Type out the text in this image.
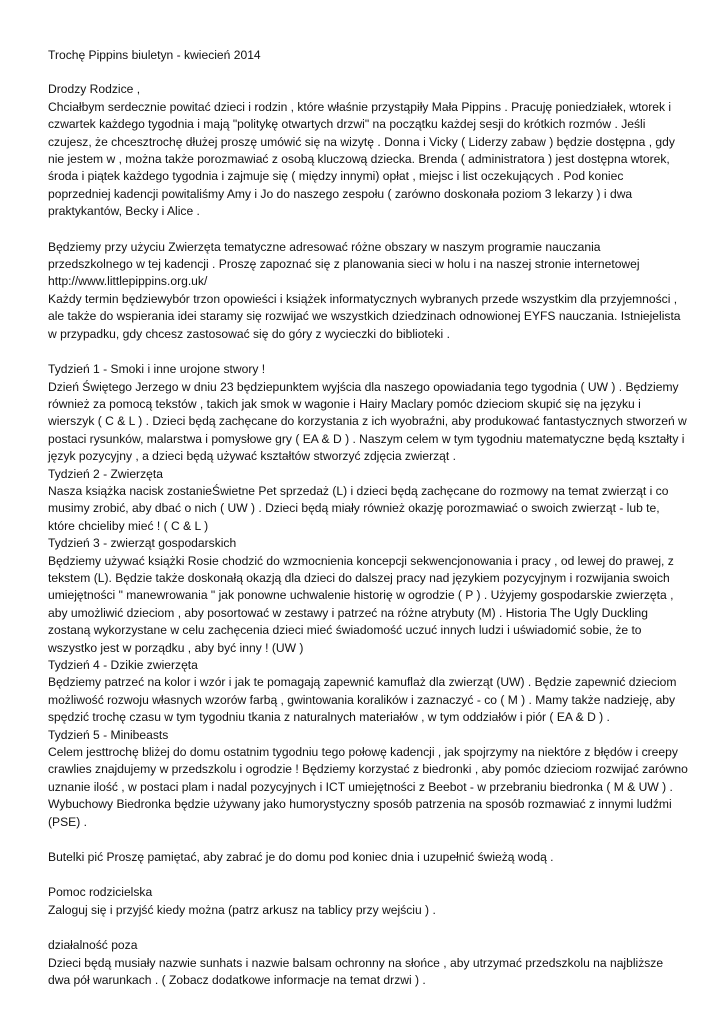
Trochę Pippins biuletyn - kwiecień 2014

Drodzy Rodzice ,

Chciałbym serdecznie powitać dzieci i rodzin , które właśnie przystąpiły Mała Pippins . Pracuję poniedziałek, wtorek i czwartek każdego tygodnia i mają "politykę otwartych drzwi" na początku każdej sesji do krótkich rozmów . Jeśli czujesz, że chcesztrochę dłużej proszę umówić się na wizytę . Donna i Vicky ( Liderzy zabaw ) będzie dostępna , gdy nie jestem w , można także porozmawiać z osobą kluczową dziecka. Brenda ( administratora ) jest dostępna wtorek, środa i piątek każdego tygodnia i zajmuje się ( między innymi) opłat , miejsc i list oczekujących . Pod koniec poprzedniej kadencji powitaliśmy Amy i Jo do naszego zespołu ( zarówno doskonała poziom 3 lekarzy ) i dwa praktykantów, Becky i Alice .

Będziemy przy użyciu Zwierzęta tematyczne adresować różne obszary w naszym programie nauczania przedszkolnego w tej kadencji . Proszę zapoznać się z planowania sieci w holu i na naszej stronie internetowej http://www.littlepippins.org.uk/

Każdy termin będziewybór trzon opowieści i książek informatycznych wybranych przede wszystkim dla przyjemności , ale także do wspierania idei staramy się rozwijać we wszystkich dziedzinach odnowionej EYFS nauczania. Istniejelista w przypadku, gdy chcesz zastosować się do góry z wycieczki do biblioteki .

Tydzień 1 - Smoki i inne urojone stwory !

Dzień Świętego Jerzego w dniu 23 będziepunktem wyjścia dla naszego opowiadania tego tygodnia ( UW ) . Będziemy również za pomocą tekstów , takich jak smok w wagonie i Hairy Maclary pomóc dzieciom skupić się na języku i wierszyk ( C & L ) . Dzieci będą zachęcane do korzystania z ich wyobraźni, aby produkować fantastycznych stworzeń w postaci rysunków, malarstwa i pomysłowe gry ( EA & D ) . Naszym celem w tym tygodniu matematyczne będą kształty i język pozycyjny , a dzieci będą używać kształtów stworzyć zdjęcia zwierząt .

Tydzień 2 - Zwierzęta

Nasza książka nacisk zostanieŚwietne Pet sprzedaż (L) i dzieci będą zachęcane do rozmowy na temat zwierząt i co musimy zrobić, aby dbać o nich ( UW ) . Dzieci będą miały również okazję porozmawiać o swoich zwierząt - lub te, które chcieliby mieć ! ( C & L )

Tydzień 3 - zwierząt gospodarskich

Będziemy używać książki Rosie chodzić do wzmocnienia koncepcji sekwencjonowania i pracy , od lewej do prawej, z tekstem (L). Będzie także doskonałą okazją dla dzieci do dalszej pracy nad językiem pozycyjnym i rozwijania swoich umiejętności " manewrowania " jak ponowne uchwalenie historię w ogrodzie ( P ) . Użyjemy gospodarskie zwierzęta , aby umożliwić dzieciom , aby posortować w zestawy i patrzeć na różne atrybuty (M) . Historia The Ugly Duckling zostaną wykorzystane w celu zachęcenia dzieci mieć świadomość uczuć innych ludzi i uświadomić sobie, że to wszystko jest w porządku , aby być inny ! (UW )

Tydzień 4 - Dzikie zwierzęta

Będziemy patrzeć na kolor i wzór i jak te pomagają zapewnić kamuflaż dla zwierząt (UW) . Będzie zapewnić dzieciom możliwość rozwoju własnych wzorów farbą , gwintowania koralików i zaznaczyć - co ( M ) . Mamy także nadzieję, aby spędzić trochę czasu w tym tygodniu tkania z naturalnych materiałów , w tym oddziałów i piór ( EA & D ) .

Tydzień 5 - Minibeasts

Celem jesttrochę bliżej do domu ostatnim tygodniu tego połowę kadencji , jak spojrzymy na niektóre z błędów i creepy crawlies znajdujemy w przedszkolu i ogrodzie ! Będziemy korzystać z biedronki , aby pomóc dzieciom rozwijać zarówno uznanie ilość , w postaci plam i nadal pozycyjnych i ICT umiejętności z Beebot - w przebraniu biedronka ( M & UW ) . Wybuchowy Biedronka będzie używany jako humorystyczny sposób patrzenia na sposób rozmawiać z innymi ludźmi (PSE) .

Butelki pić Proszę pamiętać, aby zabrać je do domu pod koniec dnia i uzupełnić świeżą wodą .

Pomoc rodzicielska

Zaloguj się i przyjść kiedy można (patrz arkusz na tablicy przy wejściu ) .

działalność poza

Dzieci będą musiały nazwie sunhats i nazwie balsam ochronny na słońce , aby utrzymać przedszkolu na najbliższe dwa pół warunkach . ( Zobacz dodatkowe informacje na temat drzwi ) .
